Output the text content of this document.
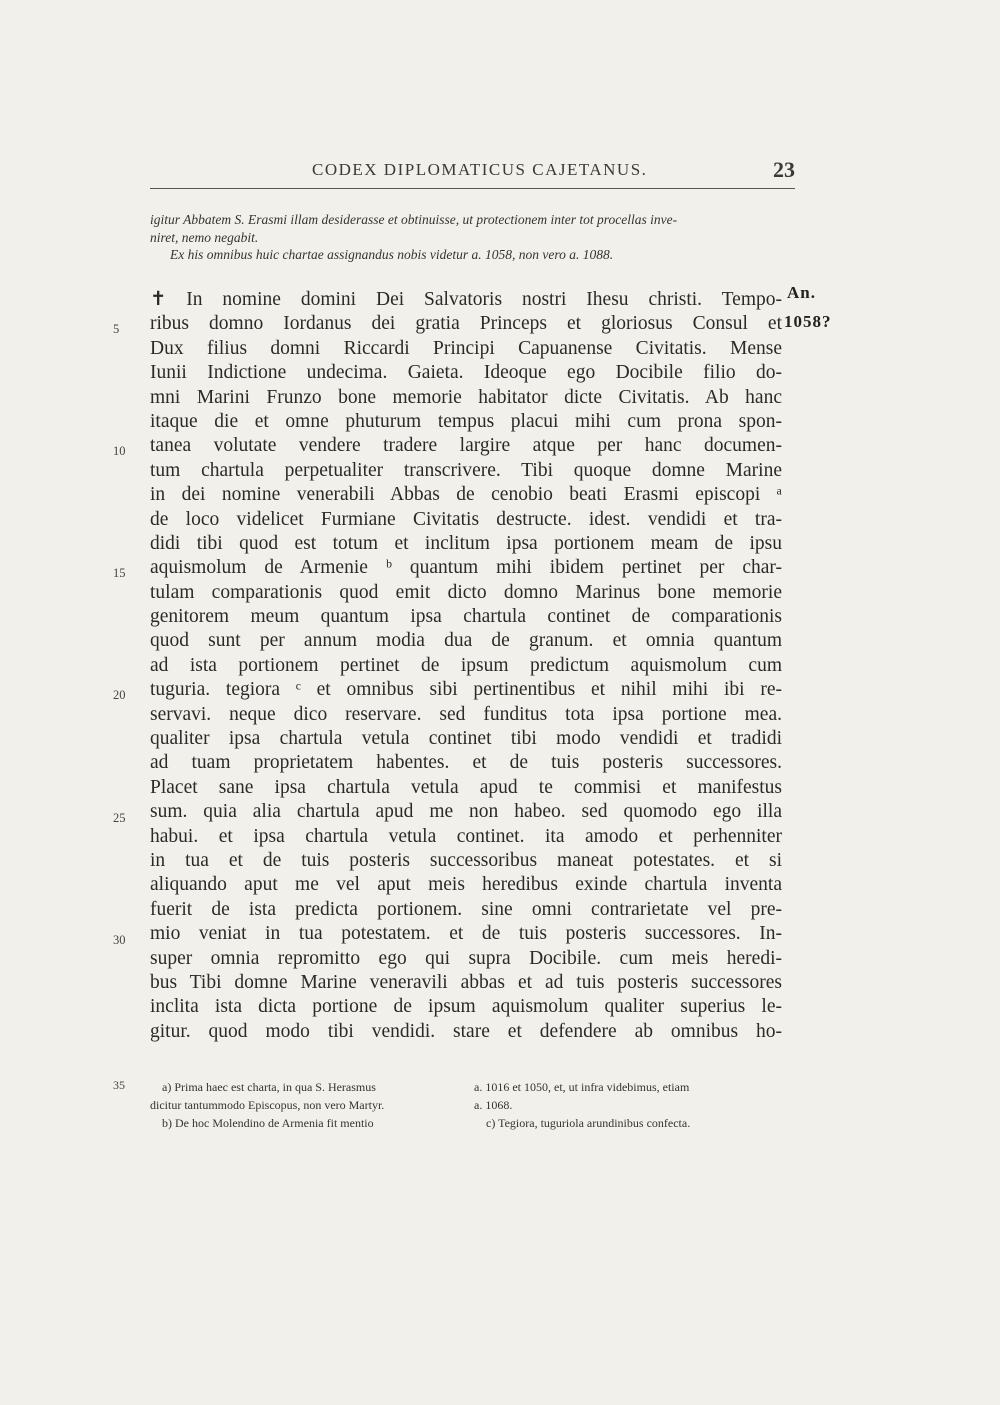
CODEX DIPLOMATICUS CAJETANUS.	23

igitur Abbatem S. Erasmi illam desiderasse et obtinuisse, ut protectionem inter tot procellas inve-

niret, nemo negabit.

Ex his omnibus huic chartae assignandus nobis videtur a. 1058, non vero a. 1088.

An.
1058?
✝ In nomine domini Dei Salvatoris nostri Ihesu christi. Tempo-
ribus domno Iordanus dei gratia Princeps et gloriosus Consul et
Dux filius domni Riccardi Principi Capuanense Civitatis. Mense
Iunii Indictione undecima. Gaieta. Ideoque ego Docibile filio do-
mni Marini Frunzo bone memorie habitator dicte Civitatis. Ab hanc
itaque die et omne phuturum tempus placui mihi cum prona spon-
tanea volutate vendere tradere largire atque per hanc documen-
tum chartula perpetualiter transcrivere. Tibi quoque domne Marine
in dei nomine venerabili Abbas de cenobio beati Erasmi episcopi ᵃ
de loco videlicet Furmiane Civitatis destructe. idest. vendidi et tra-
didi tibi quod est totum et inclitum ipsa portionem meam de ipsu
aquismolum de Armenie ᵇ quantum mihi ibidem pertinet per char-
tulam comparationis quod emit dicto domno Marinus bone memorie
genitorem meum quantum ipsa chartula continet de comparationis
quod sunt per annum modia dua de granum. et omnia quantum
ad ista portionem pertinet de ipsum predictum aquismolum cum
tuguria. tegiora ᶜ et omnibus sibi pertinentibus et nihil mihi ibi re-
servavi. neque dico reservare. sed funditus tota ipsa portione mea.
qualiter ipsa chartula vetula continet tibi modo vendidi et tradidi
ad tuam proprietatem habentes. et de tuis posteris successores.
Placet sane ipsa chartula vetula apud te commisi et manifestus
sum. quia alia chartula apud me non habeo. sed quomodo ego illa
habui. et ipsa chartula vetula continet. ita amodo et perhenniter
in tua et de tuis posteris successoribus maneat potestates. et si
aliquando aput me vel aput meis heredibus exinde chartula inventa
fuerit de ista predicta portionem. sine omni contrarietate vel pre-
mio veniat in tua potestatem. et de tuis posteris successores. In-
super omnia repromitto ego qui supra Docibile. cum meis heredi-
bus Tibi domne Marine veneravili abbas et ad tuis posteris successores
inclita ista dicta portione de ipsum aquismolum qualiter superius le-
gitur. quod modo tibi vendidi. stare et defendere ab omnibus ho-
5
10
15
20
25
30
35	a) Prima haec est charta, in qua S. Herasmus
dicitur tantummodo Episcopus, non vero Martyr.
b) De hoc Molendino de Armenia fit mentio
a. 1016 et 1050, et, ut infra videbimus, etiam
a. 1068.
c) Tegiora, tuguriola arundinibus confecta.
